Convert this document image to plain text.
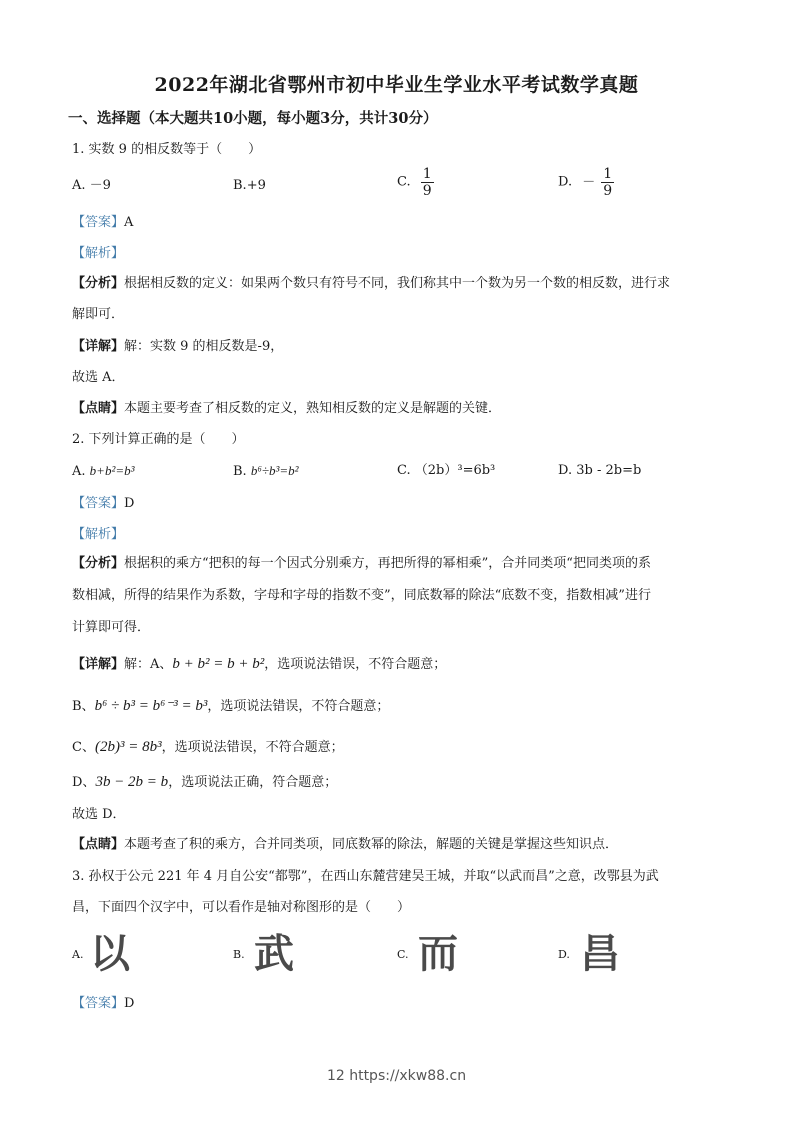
2022年湖北省鄂州市初中毕业生学业水平考试数学真题
一、选择题（本大题共10小题，每小题3分，共计30分）
1. 实数 9 的相反数等于（　　）
A. －9	B.+9	C. $\frac{1}{9}$	D. － $\frac{1}{9}$
【答案】A
【解析】
【分析】根据相反数的定义：如果两个数只有符号不同，我们称其中一个数为另一个数的相反数，进行求
解即可．
【详解】解：实数 9 的相反数是-9，
故选 A．
【点睛】本题主要考查了相反数的定义，熟知相反数的定义是解题的关键．
2. 下列计算正确的是（　　）
A. b+b²=b³	B. b⁶÷b³=b²	C. （2b）³=6b³	D. 3b - 2b=b
【答案】D
【解析】
【分析】根据积的乘方“把积的每一个因式分别乘方，再把所得的幂相乘”，合并同类项“把同类项的系
数相减，所得的结果作为系数，字母和字母的指数不变”，同底数幂的除法“底数不变，指数相减”进行
计算即可得．
【详解】解：A、b + b² = b + b²，选项说法错误，不符合题意；
B、b⁶ ÷ b³ = b⁶⁻³ = b³，选项说法错误，不符合题意；
C、(2b)³ = 8b³，选项说法错误，不符合题意；
D、3b − 2b = b，选项说法正确，符合题意；
故选 D．
【点睛】本题考查了积的乘方，合并同类项，同底数幂的除法，解题的关键是掌握这些知识点．
3. 孙权于公元 221 年 4 月自公安“都鄂”，在西山东麓营建吴王城，并取“以武而昌”之意，改鄂县为武
昌，下面四个汉字中，可以看作是轴对称图形的是（　　）
A. 以	B. 武	C. 而	D. 昌
【答案】D
12 https://xkw88.cn
